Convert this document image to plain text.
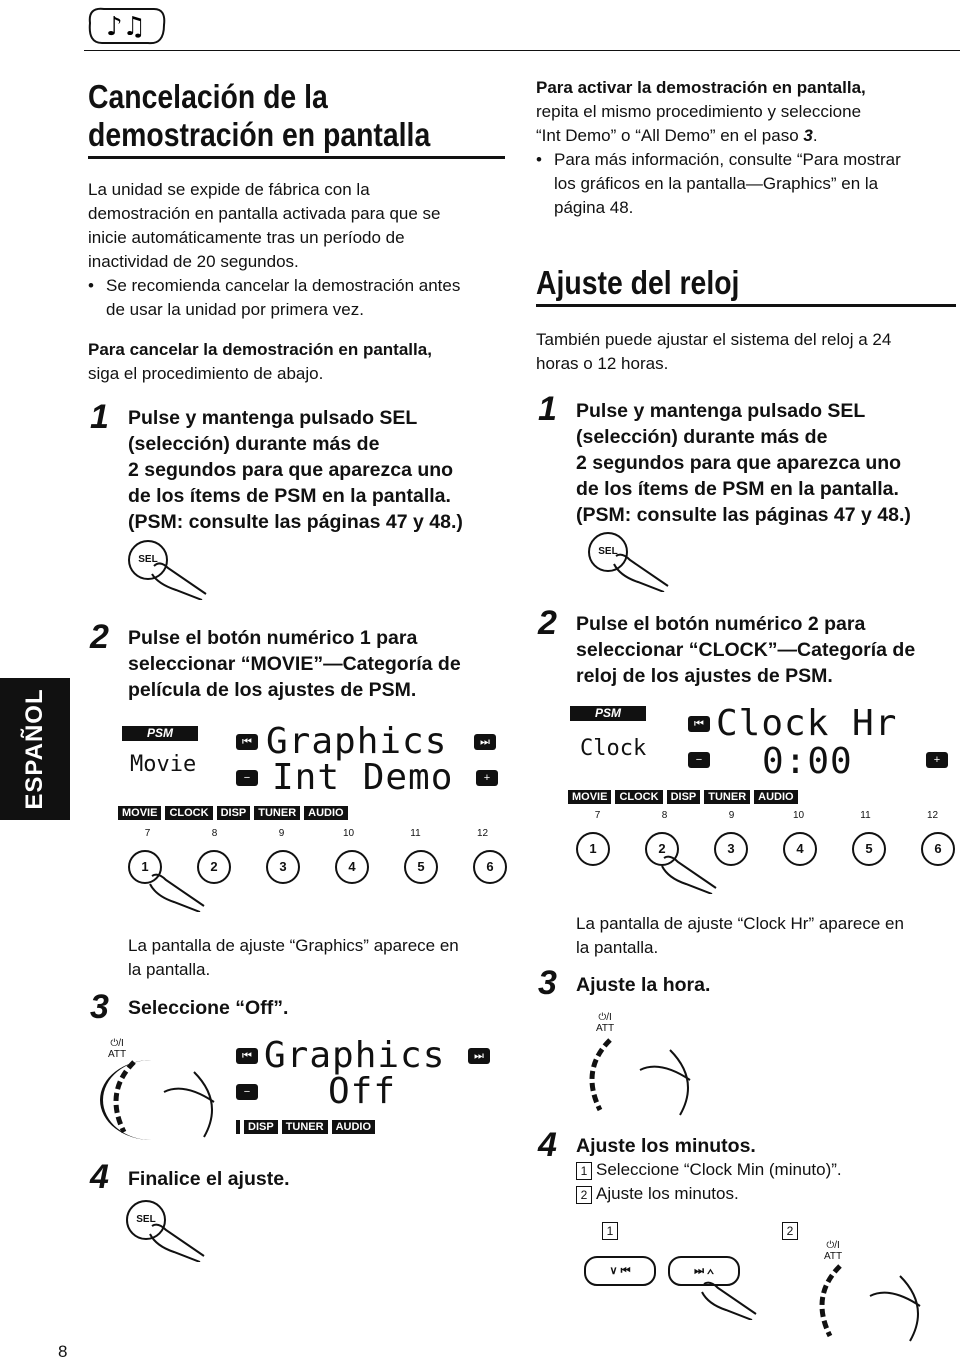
♪♫
ESPAÑOL
Cancelación de la
demostración en pantalla
La unidad se expide de fábrica con la
demostración en pantalla activada para que se
inicie automáticamente tras un período de
inactividad de 20 segundos.
• Se recomienda cancelar la demostración antes
de usar la unidad por primera vez.
Para cancelar la demostración en pantalla,
siga el procedimiento de abajo.
1 Pulse y mantenga pulsado SEL
(selección) durante más de
2 segundos para que aparezca uno
de los ítems de PSM en la pantalla.
(PSM: consulte las páginas 47 y 48.)
SEL
2 Pulse el botón numérico 1 para
seleccionar “MOVIE”—Categoría de
película de los ajustes de PSM.
PSM
Movie
⏮ Graphics	⏭
− Int Demo	+
MOVIE	CLOCK	DISP	TUNER	AUDIO
7	8	9	10	11	12
1	2	3	4	5	6
La pantalla de ajuste “Graphics” aparece en
la pantalla.
3 Seleccione “Off”.
⏻/I
ATT	⏮ Graphics	⏭
− Off
DISP	TUNER	AUDIO
4 Finalice el ajuste.
SEL
8
Para activar la demostración en pantalla,
repita el mismo procedimiento y seleccione
“Int Demo” o “All Demo” en el paso 3.
• Para más información, consulte “Para mostrar
los gráficos en la pantalla—Graphics” en la
página 48.
Ajuste del reloj
También puede ajustar el sistema del reloj a 24
horas o 12 horas.
1 Pulse y mantenga pulsado SEL
(selección) durante más de
2 segundos para que aparezca uno
de los ítems de PSM en la pantalla.
(PSM: consulte las páginas 47 y 48.)
SEL
2 Pulse el botón numérico 2 para
seleccionar “CLOCK”—Categoría de
reloj de los ajustes de PSM.
PSM
Clock
⏮ Clock Hr
− 0:00	+
MOVIE	CLOCK	DISP	TUNER	AUDIO
7	8	9	10	11	12
1	2	3	4	5	6
La pantalla de ajuste “Clock Hr” aparece en
la pantalla.
3 Ajuste la hora.
⏻/I
ATT
4 Ajuste los minutos.
1 Seleccione “Clock Min (minuto)”.
2 Ajuste los minutos.
1	2
∨ ⏮	⏭ ∧
⏻/I
ATT
